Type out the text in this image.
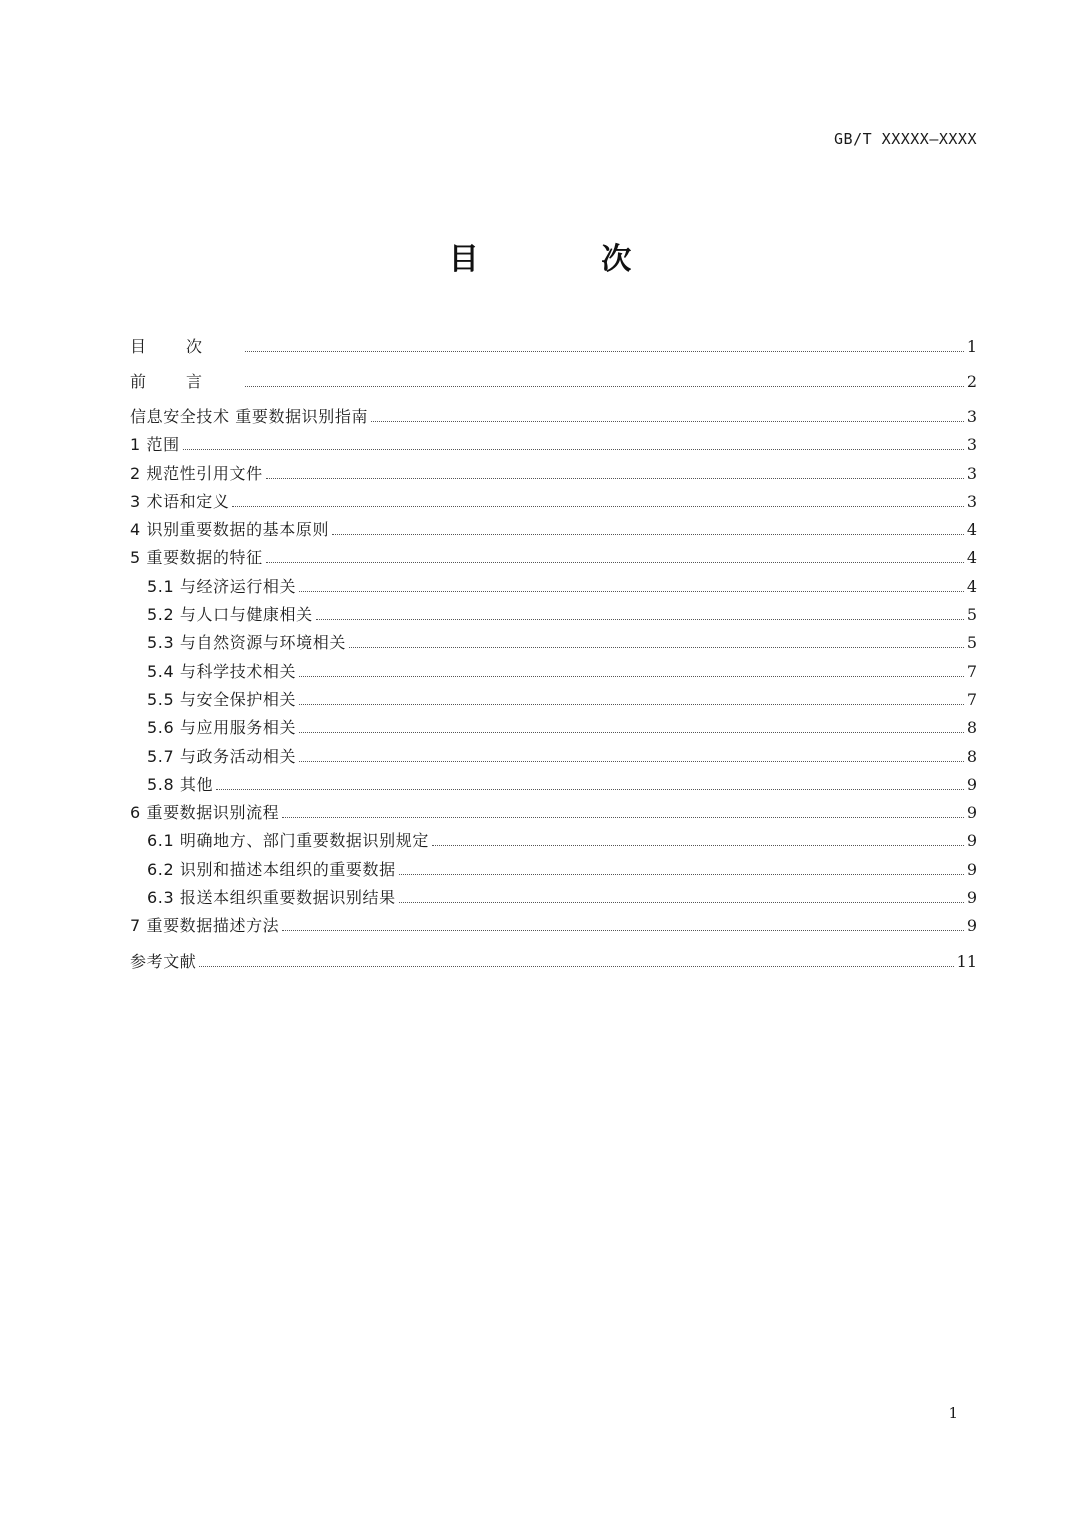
GB/T XXXXX—XXXX
目 次
目次	1
前言	2
信息安全技术 重要数据识别指南	3
1 范围	3
2 规范性引用文件	3
3 术语和定义	3
4 识别重要数据的基本原则	4
5 重要数据的特征	4
5.1 与经济运行相关	4
5.2 与人口与健康相关	5
5.3 与自然资源与环境相关	5
5.4 与科学技术相关	7
5.5 与安全保护相关	7
5.6 与应用服务相关	8
5.7 与政务活动相关	8
5.8 其他	9
6 重要数据识别流程	9
6.1 明确地方、部门重要数据识别规定	9
6.2 识别和描述本组织的重要数据	9
6.3 报送本组织重要数据识别结果	9
7 重要数据描述方法	9
参考文献	11
1
